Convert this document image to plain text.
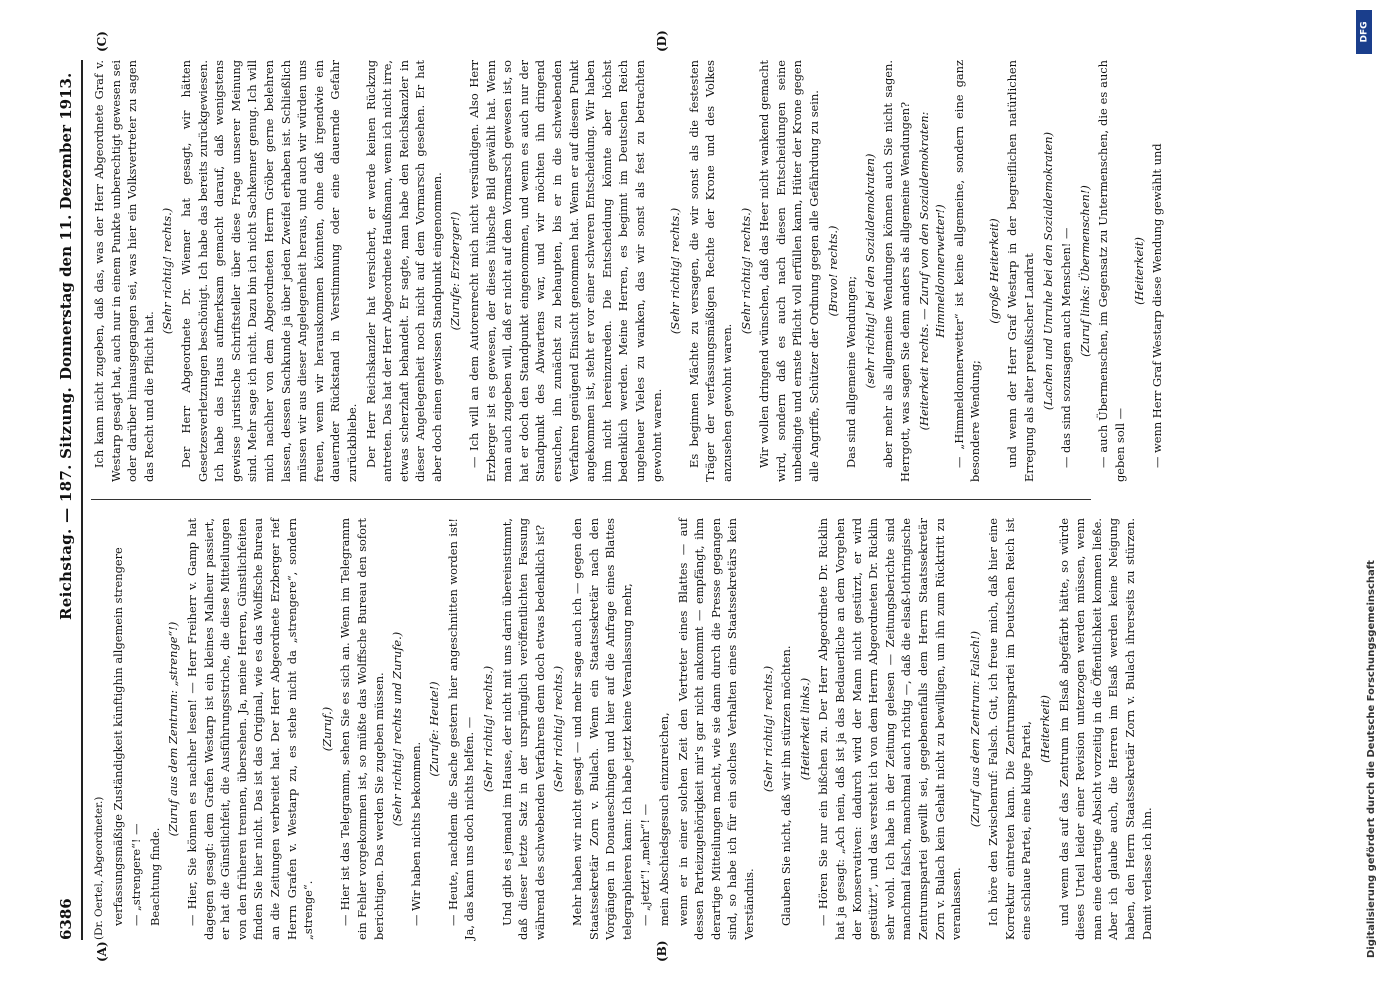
6386
Reichstag. — 187. Sitzung.
Donnerstag den 11. Dezember 1913.
(A)	(B)
(C)	(D)

(Dr. Oertel, Abgeordneter.) verfassungsmäßige Zuständigkeit künftighin allgemein strengere — „strengere“! — Beachtung finde.

(Zuruf aus dem Zentrum: „strenge“!) — Hier, Sie können es nachher lesen! — Herr Freiherr v. Gamp hat dagegen gesagt: dem Grafen Westarp ist ein kleines Malheur passiert, er hat die Günstlichfeit, die Ausführungsstriche, die diese Mitteilungen von den früheren trennen, übersehen. Ja, meine Herren, Günstlichfeiten finden Sie hier nicht. Das ist das Original, wie es das Wolffsche Bureau an die Zeitungen verbreitet hat. Der Herr Abgeordnete Erzberger rief Herrn Grafen v. Westarp zu, es stehe nicht da „strengere“, sondern „strenge“.

(Zuruf.) — Hier ist das Telegramm, sehen Sie es sich an. Wenn im Telegramm ein Fehler vorgekommen ist, so müßte das Wolffsche Bureau den sofort berichtigen. Das werden Sie zugeben müssen. (Sehr richtig! rechts und Zurufe.)

— Wir haben nichts bekommen.

(Zurufe: Heute!) — Heute, nachdem die Sache gestern hier angeschnitten worden ist! Ja, das kann uns doch nichts helfen. — (Sehr richtig! rechts.) Und gibt es jemand im Hause, der nicht mit uns darin übereinstimmt, daß dieser letzte Satz in der ursprünglich veröffentlichten Fassung während des schwebenden Verfahrens denn doch etwas bedenklich ist? (Sehr richtig! rechts.) Mehr haben wir nicht gesagt — und mehr sage auch ich — gegen den Staatssekretär Zorn v. Bulach. Wenn ein Staatssekretär nach den Vorgängen in Donaueschingen und hier auf die Anfrage eines Blattes telegraphieren kann: Ich habe jetzt keine Veranlassung mehr, — „jetzt“! „mehr“! — mein Abschiedsgesuch einzureichen, wenn er in einer solchen Zeit den Vertreter eines Blattes — auf dessen Parteizugehörigkeit mir's gar nicht ankommt — empfängt, ihm derartige Mitteilungen macht, wie sie dann durch die Presse gegangen sind, so habe ich für ein solches Verhalten eines Staatssekretärs kein Verständnis.

(Sehr richtig! rechts.) Glauben Sie nicht, daß wir ihn stürzen möchten. (Heiterkeit links.) — Hören Sie nur ein bißchen zu. Der Herr Abgeordnete Dr. Ricklin hat ja gesagt: „Ach nein, daß ist ja das Bedauerliche an dem Vorgehen der Konservativen: dadurch wird der Mann nicht gestürzt, er wird gestützt“, und das versteht ich von dem Herrn Abgeordneten Dr. Ricklin sehr wohl. Ich habe in der Zeitung gelesen — Zeitungsberichte sind manchmal falsch, manchmal auch richtig —, daß die elsaß-lothringische Zentrumspartei gewillt sei, gegebenenfalls dem Herrn Staatssekretär Zorn v. Bulach kein Gehalt nicht zu bewilligen, um ihn zum Rücktritt zu veranlassen.

(Zuruf aus dem Zentrum: Falsch!) Ich höre den Zwischenruf: Falsch. Gut, ich freue mich, daß hier eine Korrektur eintreten kann. Die Zentrumspartei im Deutschen Reich ist eine schlaue Partei, eine kluge Partei, (Heiterkeit) und wenn das auf das Zentrum im Elsaß abgefärbt hätte, so würde dieses Urteil leider einer Revision unterzogen werden müssen, wenn man eine derartige Absicht vorzeitig in die Öffentlichkeit kommen ließe. Aber ich glaube auch, die Herren im Elsaß werden keine Neigung haben, den Herrn Staatssekretär Zorn v. Bulach ihrerseits zu stürzen. Damit verlasse ich ihn.

Ich kann nicht zugeben, daß das, was der Herr Abgeordnete Graf v. Westarp gesagt hat, auch nur in einem Punkte unberechtigt gewesen sei oder darüber hinausgegangen sei, was hier ein Volksvertreter zu sagen das Recht und die Pflicht hat.

(Sehr richtig! rechts.) Der Herr Abgeordnete Dr. Wiemer hat gesagt, wir hätten Gesetzesverletzungen beschönigt. Ich habe das bereits zurückgewiesen. Ich habe das Haus aufmerksam gemacht darauf, daß wenigstens gewisse juristische Schriftsteller über diese Frage unserer Meinung sind. Mehr sage ich nicht. Dazu bin ich nicht Sachkenner genug. Ich will mich nachher von dem Abgeordneten Herrn Gröber gerne belehren lassen, dessen Sachkunde ja über jeden Zweifel erhaben ist. Schließlich müssen wir aus dieser Angelegenheit heraus, und auch wir würden uns freuen, wenn wir herauskommen könnten, ohne daß irgendwie ein dauernder Rückstand in Verstimmung oder eine dauernde Gefahr zurückbliebe. Der Herr Reichskanzler hat versichert, er werde keinen Rückzug antreten. Das hat der Herr Abgeordnete Haußmann, wenn ich nicht irre, etwas scherzhaft behandelt. Er sagte, man habe den Reichskanzler in dieser Angelegenheit noch nicht auf dem Vormarsch gesehen. Er hat aber doch einen gewissen Standpunkt eingenommen. (Zurufe: Erzberger!) — Ich will an dem Autorenrecht mich nicht versündigen. Also Herr Erzberger ist es gewesen, der dieses hübsche Bild gewählt hat. Wenn man auch zugeben will, daß er nicht auf dem Vormarsch gewesen ist, so hat er doch den Standpunkt eingenommen, und wenn es auch nur der Standpunkt des Abwartens war, und wir möchten ihn dringend ersuchen, ihn zunächst zu behaupten, bis er in die schwebenden Verfahren genügend Einsicht genommen hat. Wenn er auf diesem Punkt angekommen ist, steht er vor einer schweren Entscheidung. Wir haben ihm nicht hereinzureden. Die Entscheidung könnte aber höchst bedenklich werden. Meine Herren, es beginnt im Deutschen Reich ungeheuer Vieles zu wanken, das wir sonst als fest zu betrachten gewohnt waren.

(Sehr richtig! rechts.) Es beginnen Mächte zu versagen, die wir sonst als die festesten Träger der verfassungsmäßigen Rechte der Krone und des Volkes anzusehen gewohnt waren.

(Sehr richtig! rechts.) Wir wollen dringend wünschen, daß das Heer nicht wankend gemacht wird, sondern daß es auch nach diesen Entscheidungen seine unbedingte und ernste Pflicht voll erfüllen kann, Hüter der Krone gegen alle Angriffe, Schützer der Ordnung gegen alle Gefährdung zu sein. (Bravo! rechts.)

Das sind allgemeine Wendungen; (sehr richtig! bei den Sozialdemokraten) aber mehr als allgemeine Wendungen können auch Sie nicht sagen. Herrgott, was sagen Sie denn anders als allgemeine Wendungen? (Heiterkeit rechts. — Zuruf von den Sozialdemokraten: Himmeldonnerwetter!) — „Himmeldonnerwetter“ ist keine allgemeine, sondern eine ganz besondere Wendung;

(große Heiterkeit) und wenn der Herr Graf Westarp in der begreiflichen natürlichen Erregung als alter preußischer Landrat (Lachen und Unruhe bei den Sozialdemokraten) — das sind sozusagen auch Menschen! — (Zuruf links: Übermenschen!) — auch Übermenschen, im Gegensatz zu Untermenschen, die es auch geben soll —

(Heiterkeit) — wenn Herr Graf Westarp diese Wendung gewählt und

Digitalisierung gefördert durch die Deutsche Forschungsgemeinschaft
DFG
